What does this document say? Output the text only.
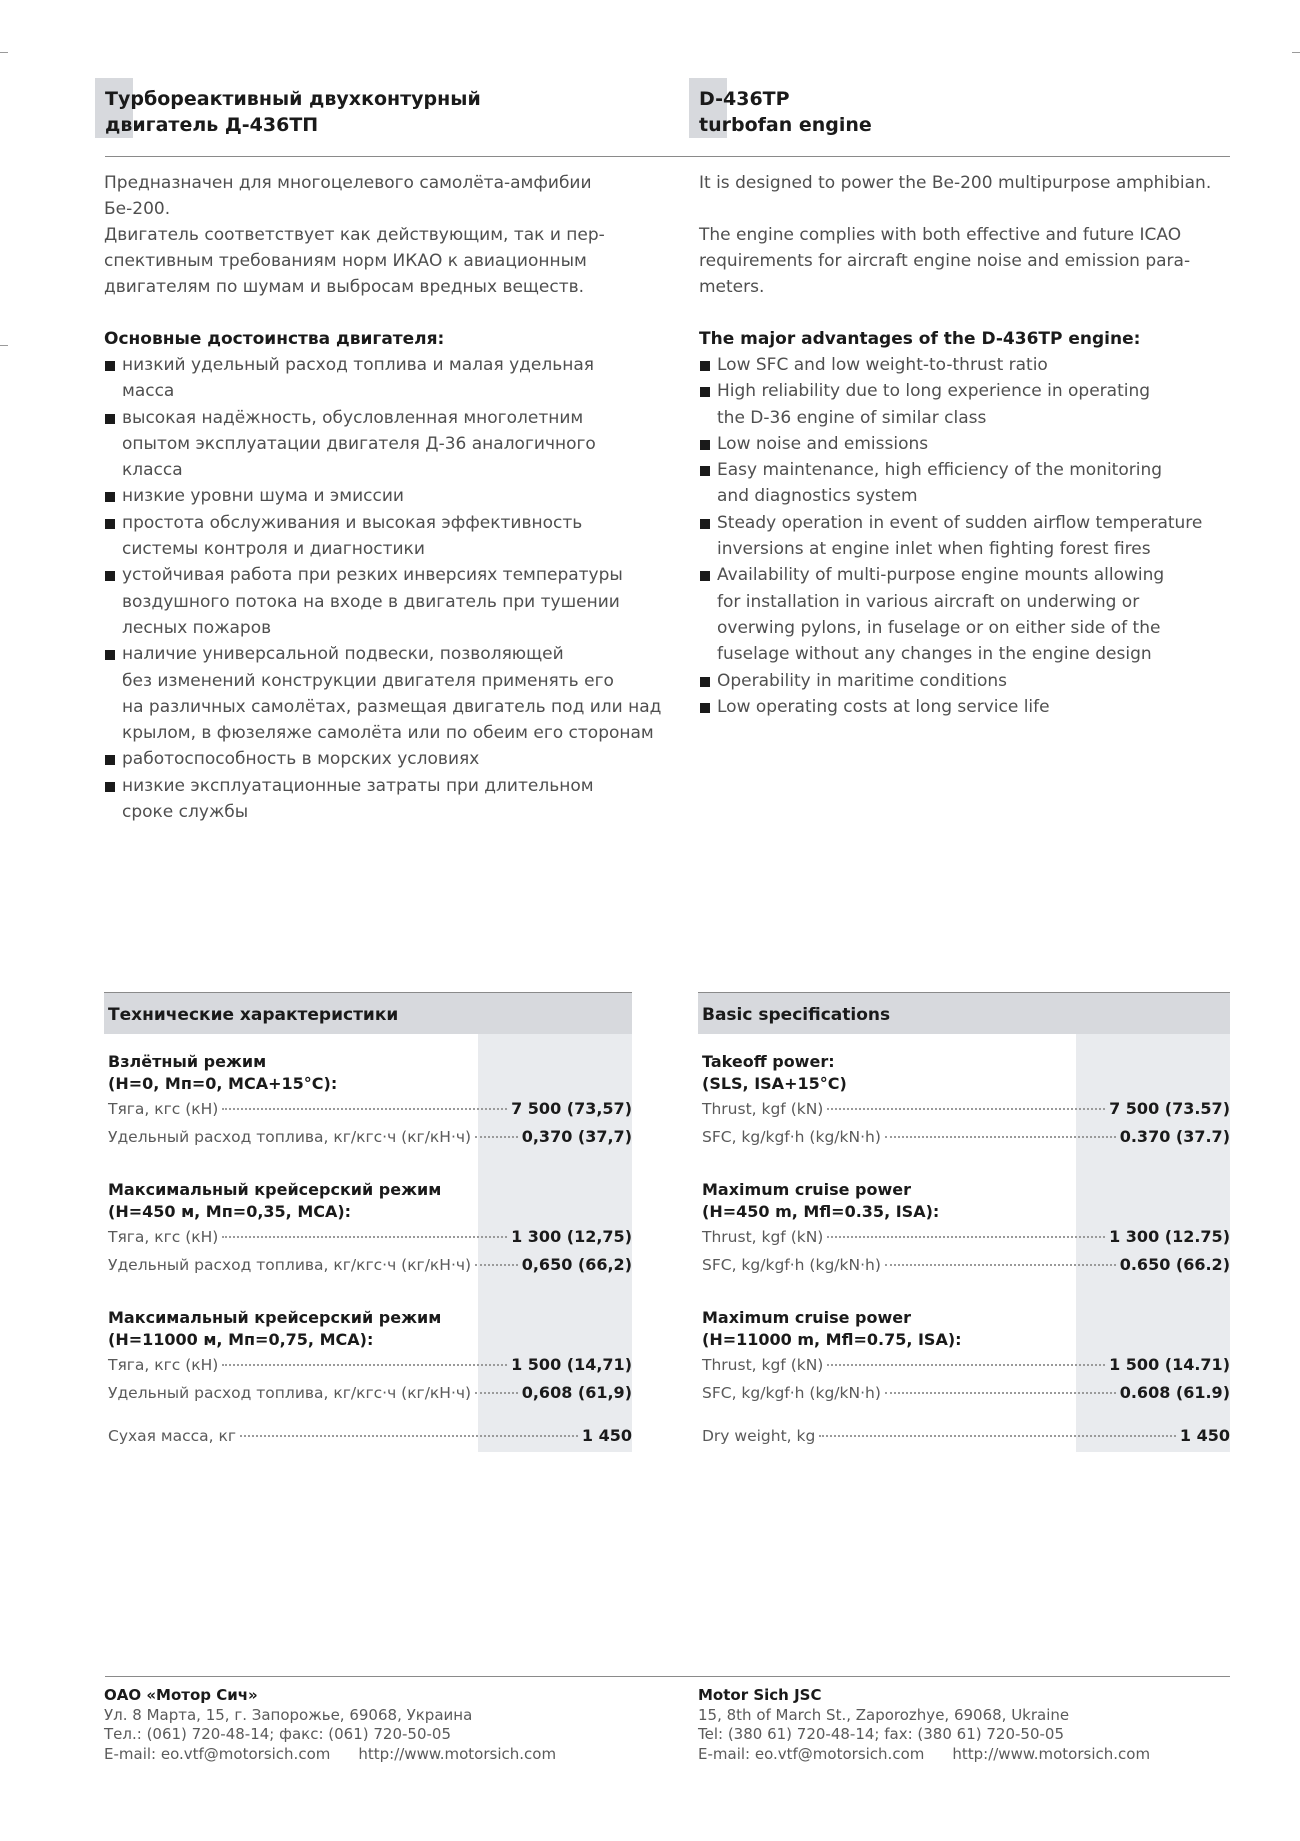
Турбореактивный двухконтурный
двигатель Д-436ТП
D-436TP
turbofan engine
Предназначен для многоцелевого самолёта-амфибии
Бе-200.
Двигатель соответствует как действующим, так и пер-
спективным требованиям норм ИКАО к авиационным
двигателям по шумам и выбросам вредных веществ.
Основные достоинства двигателя:
низкий удельный расход топлива и малая удельная
масса
высокая надёжность, обусловленная многолетним
опытом эксплуатации двигателя Д-36 аналогичного
класса
низкие уровни шума и эмиссии
простота обслуживания и высокая эффективность
системы контроля и диагностики
устойчивая работа при резких инверсиях температуры
воздушного потока на входе в двигатель при тушении
лесных пожаров
наличие универсальной подвески, позволяющей
без изменений конструкции двигателя применять его
на различных самолётах, размещая двигатель под или над
крылом, в фюзеляже самолёта или по обеим его сторонам
работоспособность в морских условиях
низкие эксплуатационные затраты при длительном
сроке службы
It is designed to power the Be-200 multipurpose amphibian.

The engine complies with both effective and future ICAO
requirements for aircraft engine noise and emission para-
meters.
The major advantages of the D-436TP engine:
Low SFC and low weight-to-thrust ratio
High reliability due to long experience in operating
the D-36 engine of similar class
Low noise and emissions
Easy maintenance, high efficiency of the monitoring
and diagnostics system
Steady operation in event of sudden airflow temperature
inversions at engine inlet when fighting forest fires
Availability of multi-purpose engine mounts allowing
for installation in various aircraft on underwing or
overwing pylons, in fuselage or on either side of the
fuselage without any changes in the engine design
Operability in maritime conditions
Low operating costs at long service life
Технические характеристики
Взлётный режим
(H=0, Mп=0, МСА+15°С):
Тяга, кгс (кН)	7 500 (73,57)
Удельный расход топлива, кг/кгс·ч (кг/кН·ч)	0,370 (37,7)
Максимальный крейсерский режим
(H=450 м, Mп=0,35, МСА):
Тяга, кгс (кН)	1 300 (12,75)
Удельный расход топлива, кг/кгс·ч (кг/кН·ч)	0,650 (66,2)
Максимальный крейсерский режим
(H=11000 м, Mп=0,75, МСА):
Тяга, кгс (кН)	1 500 (14,71)
Удельный расход топлива, кг/кгс·ч (кг/кН·ч)	0,608 (61,9)
Сухая масса, кг	1 450
Basic specifications
Takeoff power:
(SLS, ISA+15°C)
Thrust, kgf (kN)	7 500 (73.57)
SFC, kg/kgf·h (kg/kN·h)	0.370 (37.7)
Maximum cruise power
(H=450 m, Mfl=0.35, ISA):
Thrust, kgf (kN)	1 300 (12.75)
SFC, kg/kgf·h (kg/kN·h)	0.650 (66.2)
Maximum cruise power
(H=11000 m, Mfl=0.75, ISA):
Thrust, kgf (kN)	1 500 (14.71)
SFC, kg/kgf·h (kg/kN·h)	0.608 (61.9)
Dry weight, kg	1 450
ОАО «Мотор Сич»
Ул. 8 Марта, 15, г. Запорожье, 69068, Украина
Тел.: (061) 720-48-14; факс: (061) 720-50-05
E-mail: eo.vtf@motorsich.com http://www.motorsich.com
Motor Sich JSC
15, 8th of March St., Zaporozhye, 69068, Ukraine
Tel: (380 61) 720-48-14; fax: (380 61) 720-50-05
E-mail: eo.vtf@motorsich.com http://www.motorsich.com
